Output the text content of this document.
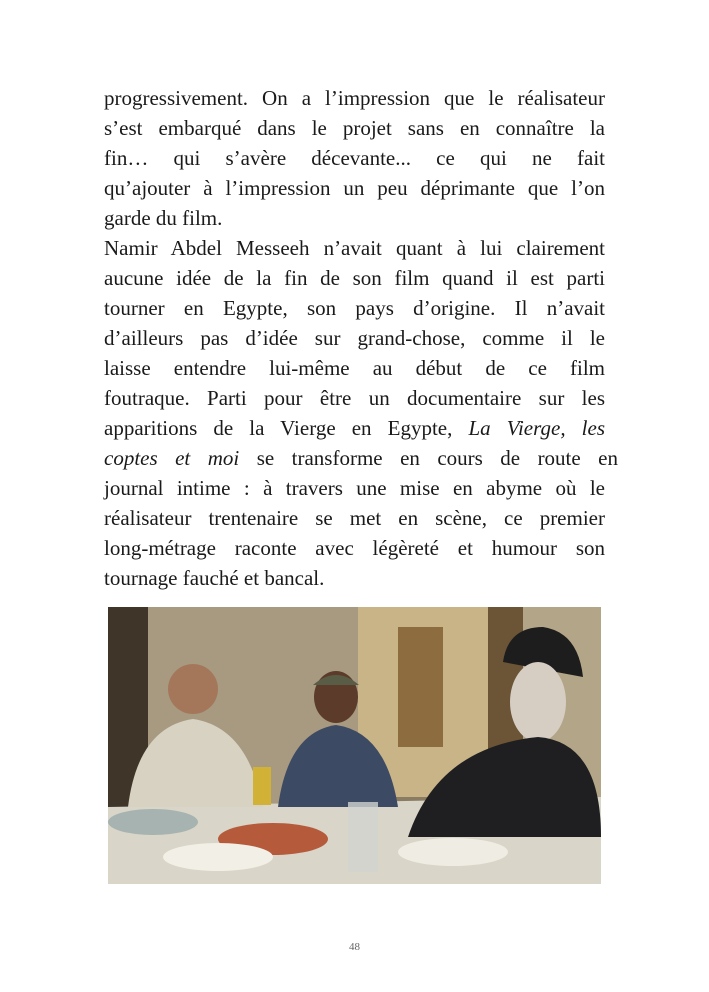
progressivement. On a l’impression que le réalisateur
s’est embarqué dans le projet sans en connaître la
fin… qui s’avère décevante... ce qui ne fait
qu’ajouter à l’impression un peu déprimante que l’on
garde du film.
Namir Abdel Messeeh n’avait quant à lui clairement
aucune idée de la fin de son film quand il est parti
tourner en Egypte, son pays d’origine. Il n’avait
d’ailleurs pas d’idée sur grand-chose, comme il le
laisse entendre lui-même au début de ce film
foutraque. Parti pour être un documentaire sur les
apparitions de la Vierge en Egypte, La Vierge, les
coptes et moi se transforme en cours de route en
journal intime : à travers une mise en abyme où le
réalisateur trentenaire se met en scène, ce premier
long-métrage raconte avec légèreté et humour son
tournage fauché et bancal.
48
